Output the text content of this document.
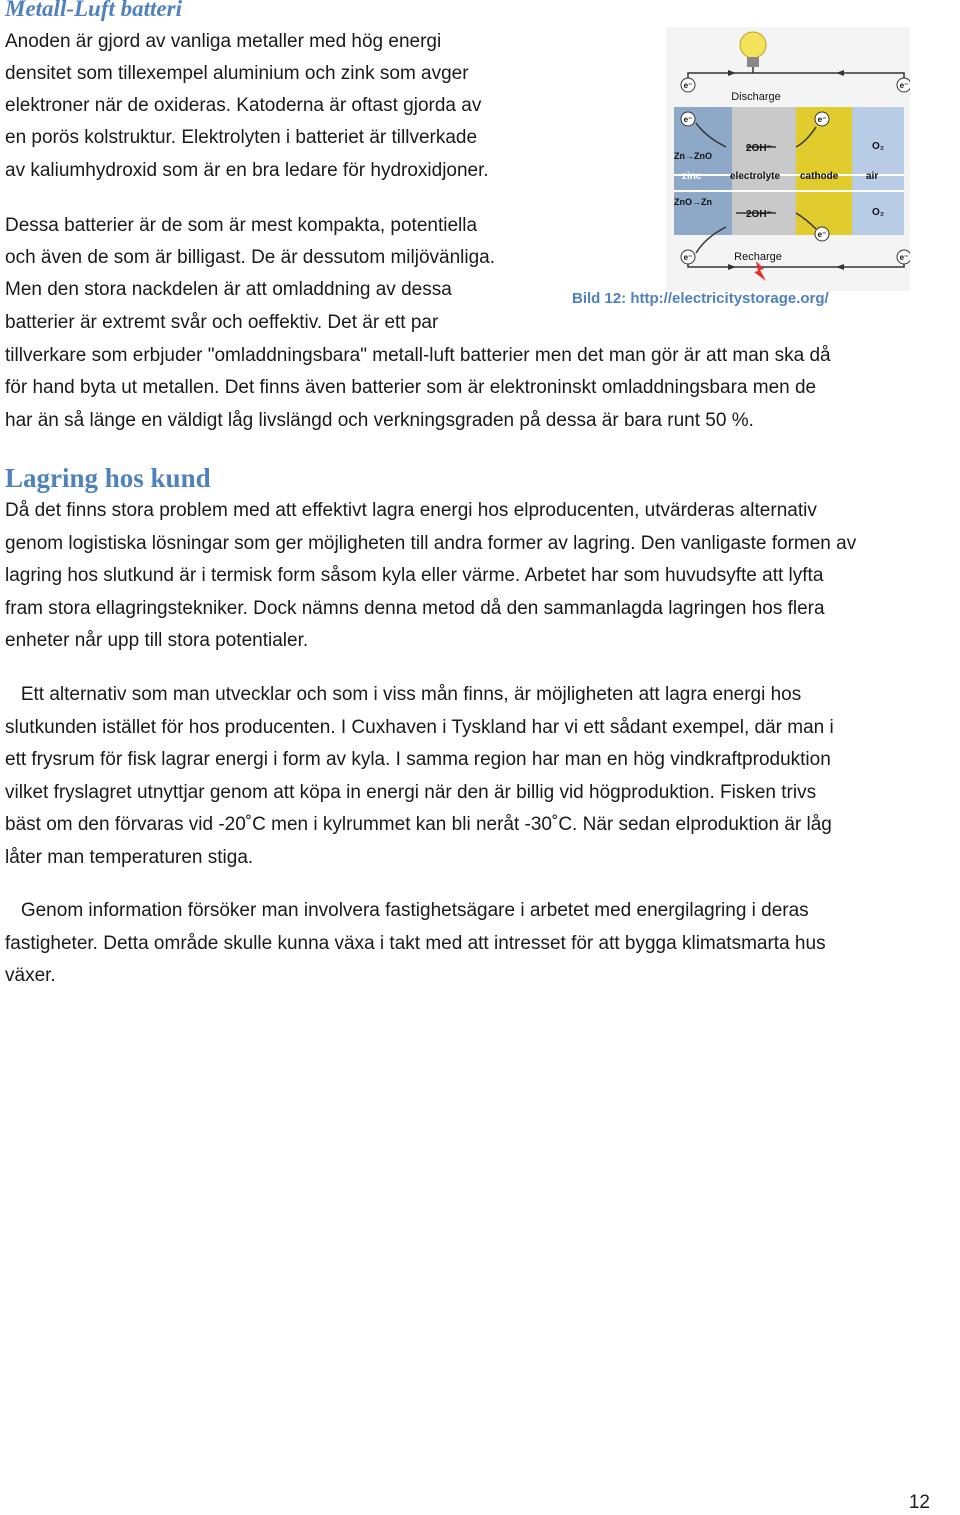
Metall-Luft batteri

Anoden är gjord av vanliga metaller med hög energi

densitet som tillexempel aluminium och zink som avger

elektroner när de oxideras. Katoderna är oftast gjorda av

en porös kolstruktur. Elektrolyten i batteriet är tillverkade

av kaliumhydroxid som är en bra ledare för hydroxidjoner.

Dessa batterier är de som är mest kompakta, potentiella

och även de som är billigast. De är dessutom miljövänliga.

Men den stora nackdelen är att omladdning av dessa

batterier är extremt svår och oeffektiv. Det är ett par

tillverkare som erbjuder "omladdningsbara" metall-luft batterier men det man gör är att man ska då

för hand byta ut metallen. Det finns även batterier som är elektroninskt omladdningsbara men de

har än så länge en väldigt låg livslängd och verkningsgraden på dessa är bara runt 50 %.

e⁻	e⁻
e⁻	e⁻
e⁻	e⁻
e⁻
Discharge
Recharge
2OH⁻
2OH⁻
Zn→ZnO
ZnO→Zn
O₂
O₂
zinc	electrolyte cathode	air

Bild 12: http://electricitystorage.org/

Lagring hos kund

Då det finns stora problem med att effektivt lagra energi hos elproducenten, utvärderas alternativ

genom logistiska lösningar som ger möjligheten till andra former av lagring. Den vanligaste formen av

lagring hos slutkund är i termisk form såsom kyla eller värme. Arbetet har som huvudsyfte att lyfta

fram stora ellagringstekniker. Dock nämns denna metod då den sammanlagda lagringen hos flera

enheter når upp till stora potentialer.

Ett alternativ som man utvecklar och som i viss mån finns, är möjligheten att lagra energi hos

slutkunden istället för hos producenten. I Cuxhaven i Tyskland har vi ett sådant exempel, där man i

ett frysrum för fisk lagrar energi i form av kyla. I samma region har man en hög vindkraftproduktion

vilket fryslagret utnyttjar genom att köpa in energi när den är billig vid högproduktion. Fisken trivs

bäst om den förvaras vid -20˚C men i kylrummet kan bli neråt -30˚C. När sedan elproduktion är låg

låter man temperaturen stiga.

Genom information försöker man involvera fastighetsägare i arbetet med energilagring i deras

fastigheter. Detta område skulle kunna växa i takt med att intresset för att bygga klimatsmarta hus

växer.

12
